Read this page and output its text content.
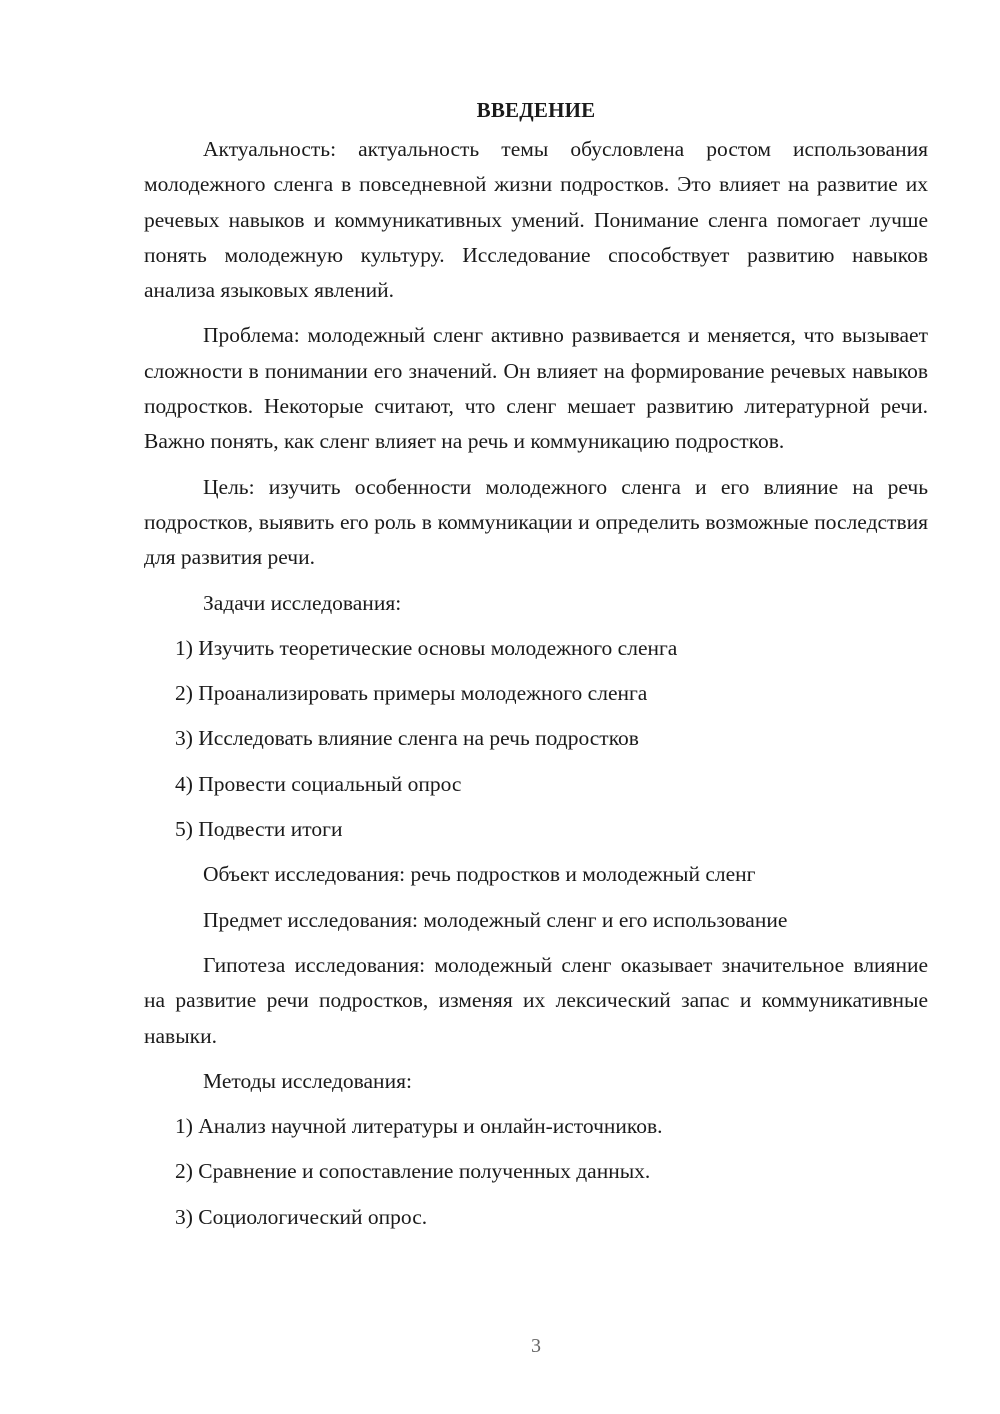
ВВЕДЕНИЕ

Актуальность: актуальность темы обусловлена ростом использования молодежного сленга в повседневной жизни подростков. Это влияет на развитие их речевых навыков и коммуникативных умений. Понимание сленга помогает лучше понять молодежную культуру. Исследование способствует развитию навыков анализа языковых явлений.

Проблема: молодежный сленг активно развивается и меняется, что вызывает сложности в понимании его значений. Он влияет на формирование речевых навыков подростков. Некоторые считают, что сленг мешает развитию литературной речи. Важно понять, как сленг влияет на речь и коммуникацию подростков.

Цель: изучить особенности молодежного сленга и его влияние на речь подростков, выявить его роль в коммуникации и определить возможные последствия для развития речи.

Задачи исследования:
1) Изучить теоретические основы молодежного сленга
2) Проанализировать примеры молодежного сленга
3) Исследовать влияние сленга на речь подростков
4) Провести социальный опрос
5) Подвести итоги
Объект исследования: речь подростков и молодежный сленг
Предмет исследования: молодежный сленг и его использование

Гипотеза исследования: молодежный сленг оказывает значительное влияние на развитие речи подростков, изменяя их лексический запас и коммуникативные навыки.

Методы исследования:
1) Анализ научной литературы и онлайн-источников.
2) Сравнение и сопоставление полученных данных.
3) Социологический опрос.
3
